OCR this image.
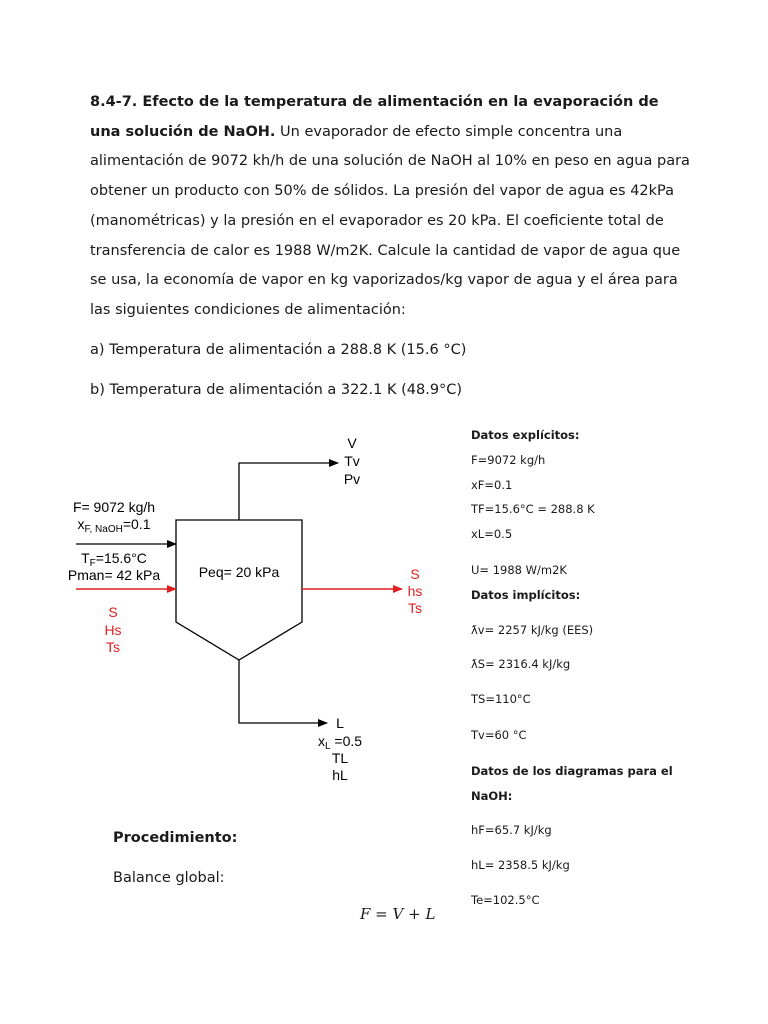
8.4-7. Efecto de la temperatura de alimentación en la evaporación de una solución de NaOH. Un evaporador de efecto simple concentra una alimentación de 9072 kh/h de una solución de NaOH al 10% en peso en agua para obtener un producto con 50% de sólidos. La presión del vapor de agua es 42kPa (manométricas) y la presión en el evaporador es 20 kPa. El coeficiente total de transferencia de calor es 1988 W/m2K. Calcule la cantidad de vapor de agua que se usa, la economía de vapor en kg vaporizados/kg vapor de agua y el área para las siguientes condiciones de alimentación:

a) Temperatura de alimentación a 288.8 K (15.6 °C)

b) Temperatura de alimentación a 322.1 K (48.9°C)

V
Tv
Pv
F= 9072 kg/h
$x_{F, NaOH}=0.1$
$T_F=15.6^\circ C$
Pman= 42 kPa
S
Hs
Ts
Peq= 20 kPa	S
hs
Ts
L
$x_L =0.5$
TL
hL
Datos explícitos:
F=9072 kg/h
xF=0.1
TF=15.6°C = 288.8 K
xL=0.5
U= 1988 W/m2K
Datos implícitos:
ƛv= 2257 kJ/kg (EES)
ƛS= 2316.4 kJ/kg
TS=110°C
Tv=60 °C
Datos de los diagramas para el
NaOH:
hF=65.7 kJ/kg
hL= 2358.5 kJ/kg
Te=102.5°C
Procedimiento:
Balance global:
F = V + L
